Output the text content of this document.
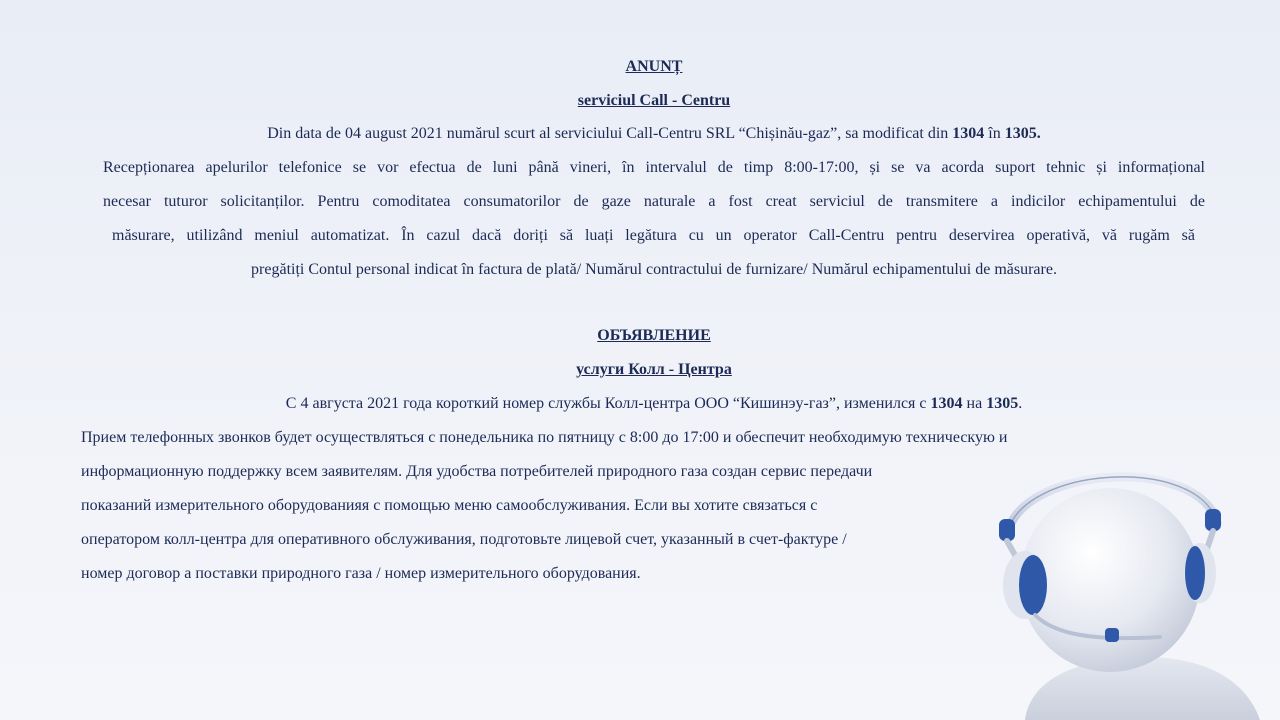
ANUNȚ
serviciul Call - Centru
Din data de 04 august 2021 numărul scurt al serviciului Call-Centru SRL “Chișinău-gaz”, sa modificat din 1304 în 1305.
Recepționarea apelurilor telefonice se vor efectua de luni până vineri, în intervalul de timp 8:00-17:00, și se va acorda suport tehnic și informațional
necesar tuturor solicitanților. Pentru comoditatea consumatorilor de gaze naturale a fost creat serviciul de transmitere a indicilor echipamentului de
măsurare, utilizând meniul automatizat. În cazul dacă doriți să luați legătura cu un operator Call-Centru pentru deservirea operativă, vă rugăm să
pregătiți Contul personal indicat în factura de plată/ Numărul contractului de furnizare/ Numărul echipamentului de măsurare.
ОБЪЯВЛЕНИЕ
услуги Колл - Центра
С 4 августа 2021 года короткий номер службы Колл-центра ООО “Кишинэу-газ”, изменился с 1304 на 1305.
Прием телефонных звонков будет осуществляться с понедельника по пятницу с 8:00 до 17:00 и обеспечит необходимую техническую и
информационную поддержку всем заявителям. Для удобства потребителей природного газа создан сервис передачи
показаний измерительного оборудованияя с помощью меню самообслуживания. Если вы хотите связаться с
оператором колл-центра для оперативного обслуживания, подготовьте лицевой счет, указанный в счет-фактуре /
номер договор а поставки природного газа / номер измерительного оборудования.
